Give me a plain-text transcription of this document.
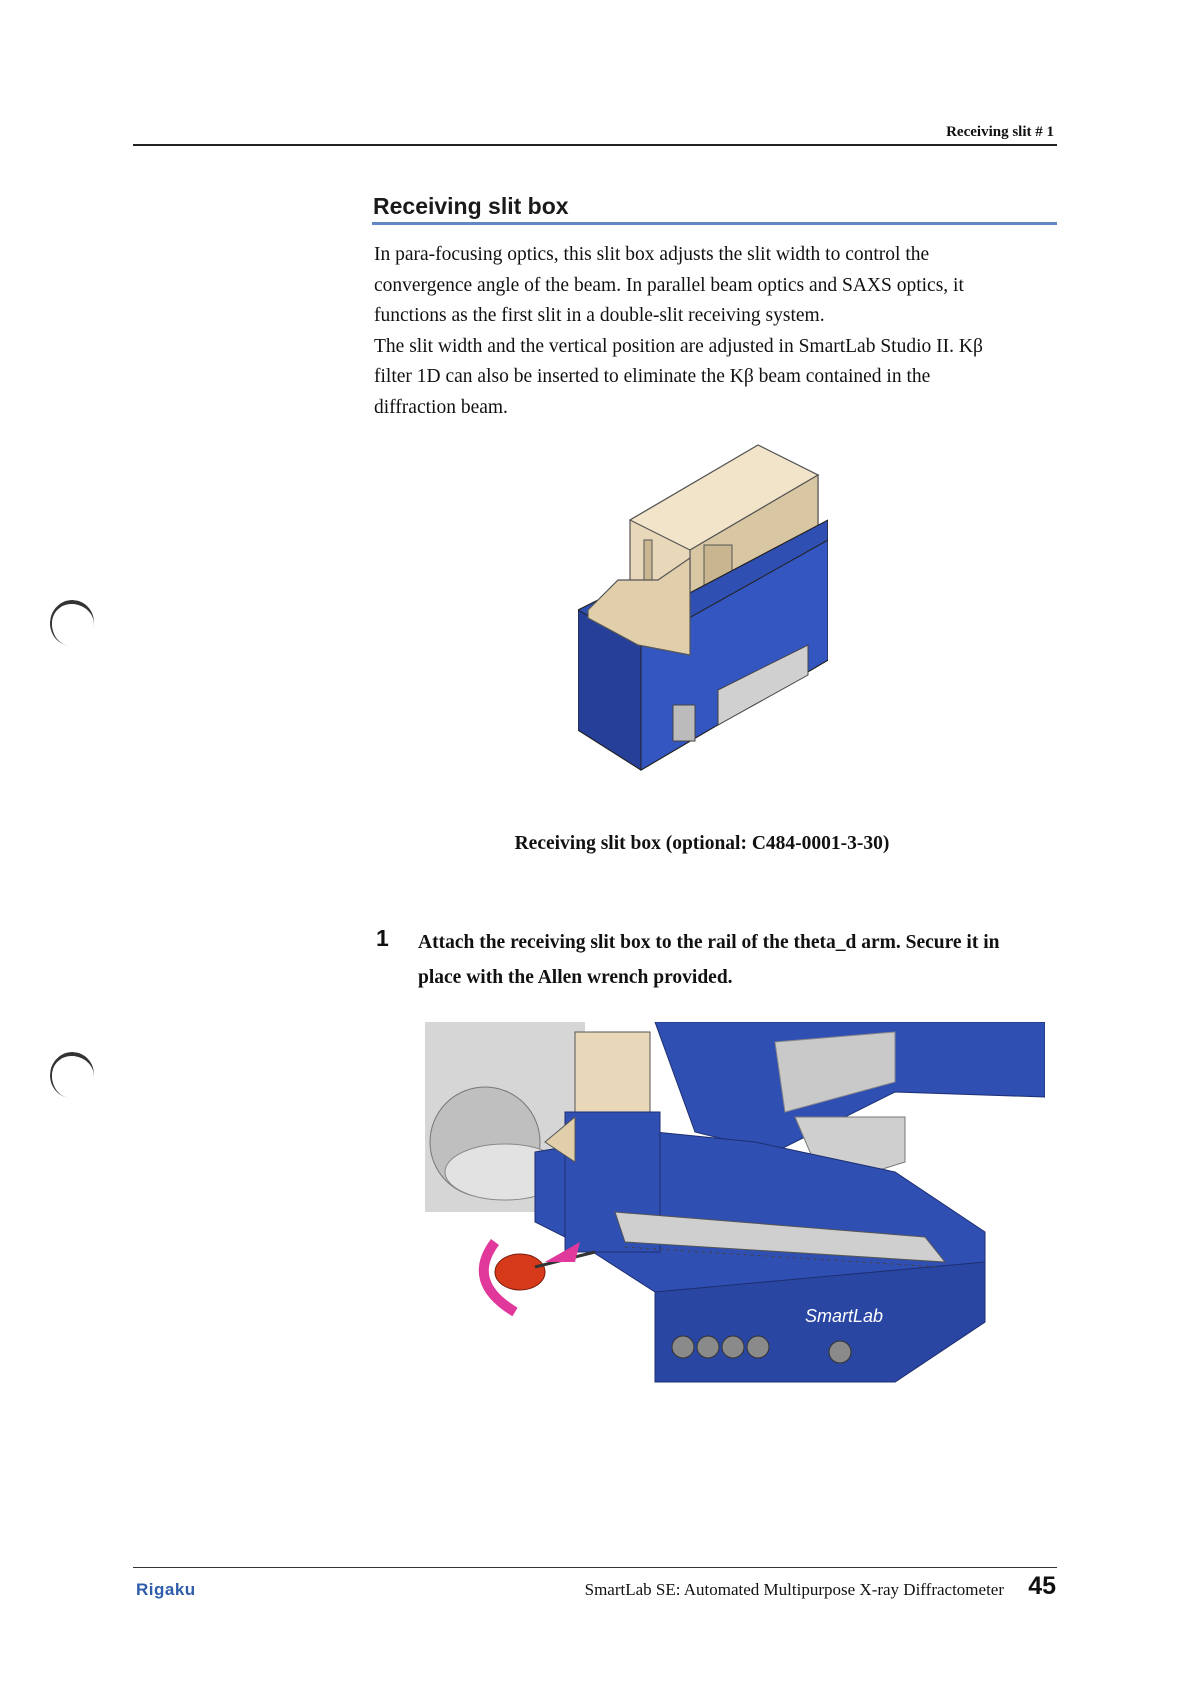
Receiving slit # 1
Receiving slit box

In para-focusing optics, this slit box adjusts the slit width to control the

convergence angle of the beam. In parallel beam optics and SAXS optics, it

functions as the first slit in a double-slit receiving system.

The slit width and the vertical position are adjusted in SmartLab Studio II. Kβ

filter 1D can also be inserted to eliminate the Kβ beam contained in the

diffraction beam.

Receiving slit box (optional: C484-0001-3-30)
1 Attach the receiving slit box to the rail of the theta_d arm. Secure it in

place with the Allen wrench provided.

SmartLab
Rigaku	SmartLab SE: Automated Multipurpose X-ray Diffractometer 45
